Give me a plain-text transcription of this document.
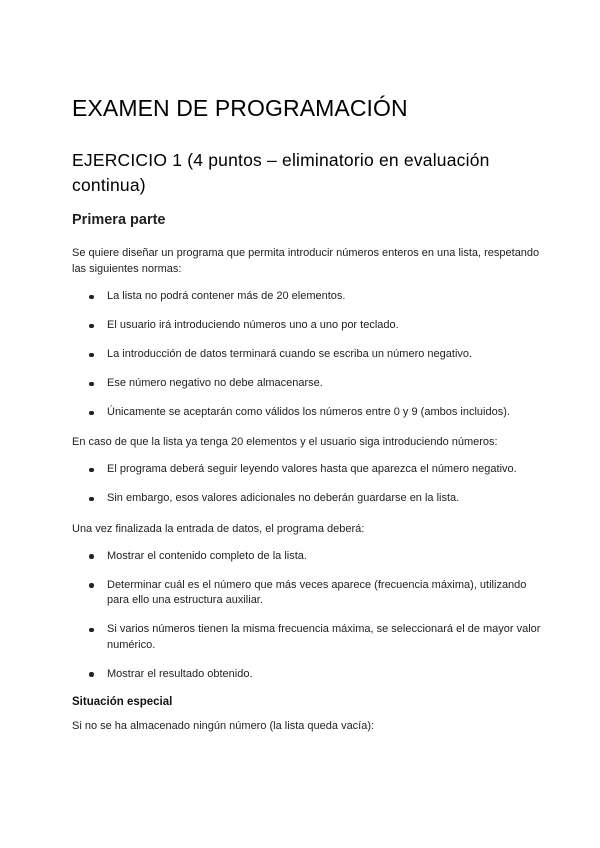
EXAMEN DE PROGRAMACIÓN
EJERCICIO 1 (4 puntos – eliminatorio en evaluación continua)
Primera parte

Se quiere diseñar un programa que permita introducir números enteros en una lista, respetando las siguientes normas:

La lista no podrá contener más de 20 elementos.
El usuario irá introduciendo números uno a uno por teclado.
La introducción de datos terminará cuando se escriba un número negativo.
Ese número negativo no debe almacenarse.
Únicamente se aceptarán como válidos los números entre 0 y 9 (ambos incluidos).

En caso de que la lista ya tenga 20 elementos y el usuario siga introduciendo números:

El programa deberá seguir leyendo valores hasta que aparezca el número negativo.
Sin embargo, esos valores adicionales no deberán guardarse en la lista.

Una vez finalizada la entrada de datos, el programa deberá:

Mostrar el contenido completo de la lista.
Determinar cuál es el número que más veces aparece (frecuencia máxima), utilizando para ello una estructura auxiliar.
Si varios números tienen la misma frecuencia máxima, se seleccionará el de mayor valor numérico.
Mostrar el resultado obtenido.
Situación especial

Si no se ha almacenado ningún número (la lista queda vacía):
